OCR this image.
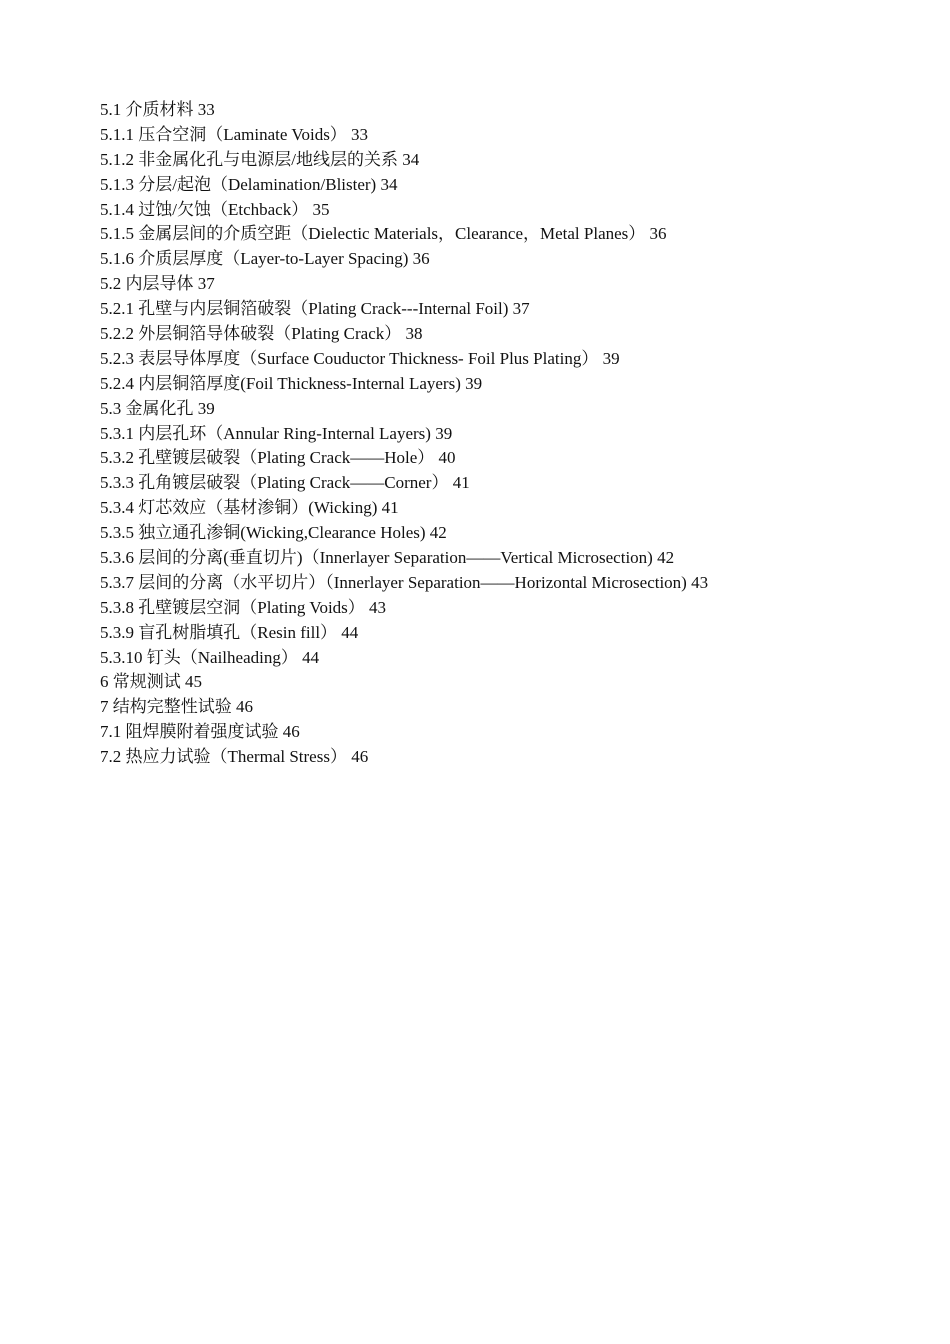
5.1 介质材料 33
5.1.1 压合空洞（Laminate Voids） 33
5.1.2 非金属化孔与电源层/地线层的关系 34
5.1.3 分层/起泡（Delamination/Blister) 34
5.1.4 过蚀/欠蚀（Etchback） 35
5.1.5 金属层间的介质空距（Dielectic Materials，Clearance，Metal Planes） 36
5.1.6 介质层厚度（Layer-to-Layer Spacing) 36
5.2 内层导体 37
5.2.1 孔壁与内层铜箔破裂（Plating Crack---Internal Foil) 37
5.2.2 外层铜箔导体破裂（Plating Crack） 38
5.2.3 表层导体厚度（Surface Couductor Thickness- Foil Plus Plating） 39
5.2.4 内层铜箔厚度(Foil Thickness-Internal Layers) 39
5.3 金属化孔 39
5.3.1 内层孔环（Annular Ring-Internal Layers) 39
5.3.2 孔壁镀层破裂（Plating Crack——Hole） 40
5.3.3 孔角镀层破裂（Plating Crack——Corner） 41
5.3.4 灯芯效应（基材渗铜）(Wicking) 41
5.3.5 独立通孔渗铜(Wicking,Clearance Holes) 42
5.3.6 层间的分离(垂直切片)（Innerlayer Separation——Vertical Microsection) 42
5.3.7 层间的分离（水平切片）（Innerlayer Separation——Horizontal Microsection) 43
5.3.8 孔壁镀层空洞（Plating Voids） 43
5.3.9 盲孔树脂填孔（Resin fill） 44
5.3.10 钉头（Nailheading） 44
6 常规测试 45
7 结构完整性试验 46
7.1 阻焊膜附着强度试验 46
7.2 热应力试验（Thermal Stress） 46
